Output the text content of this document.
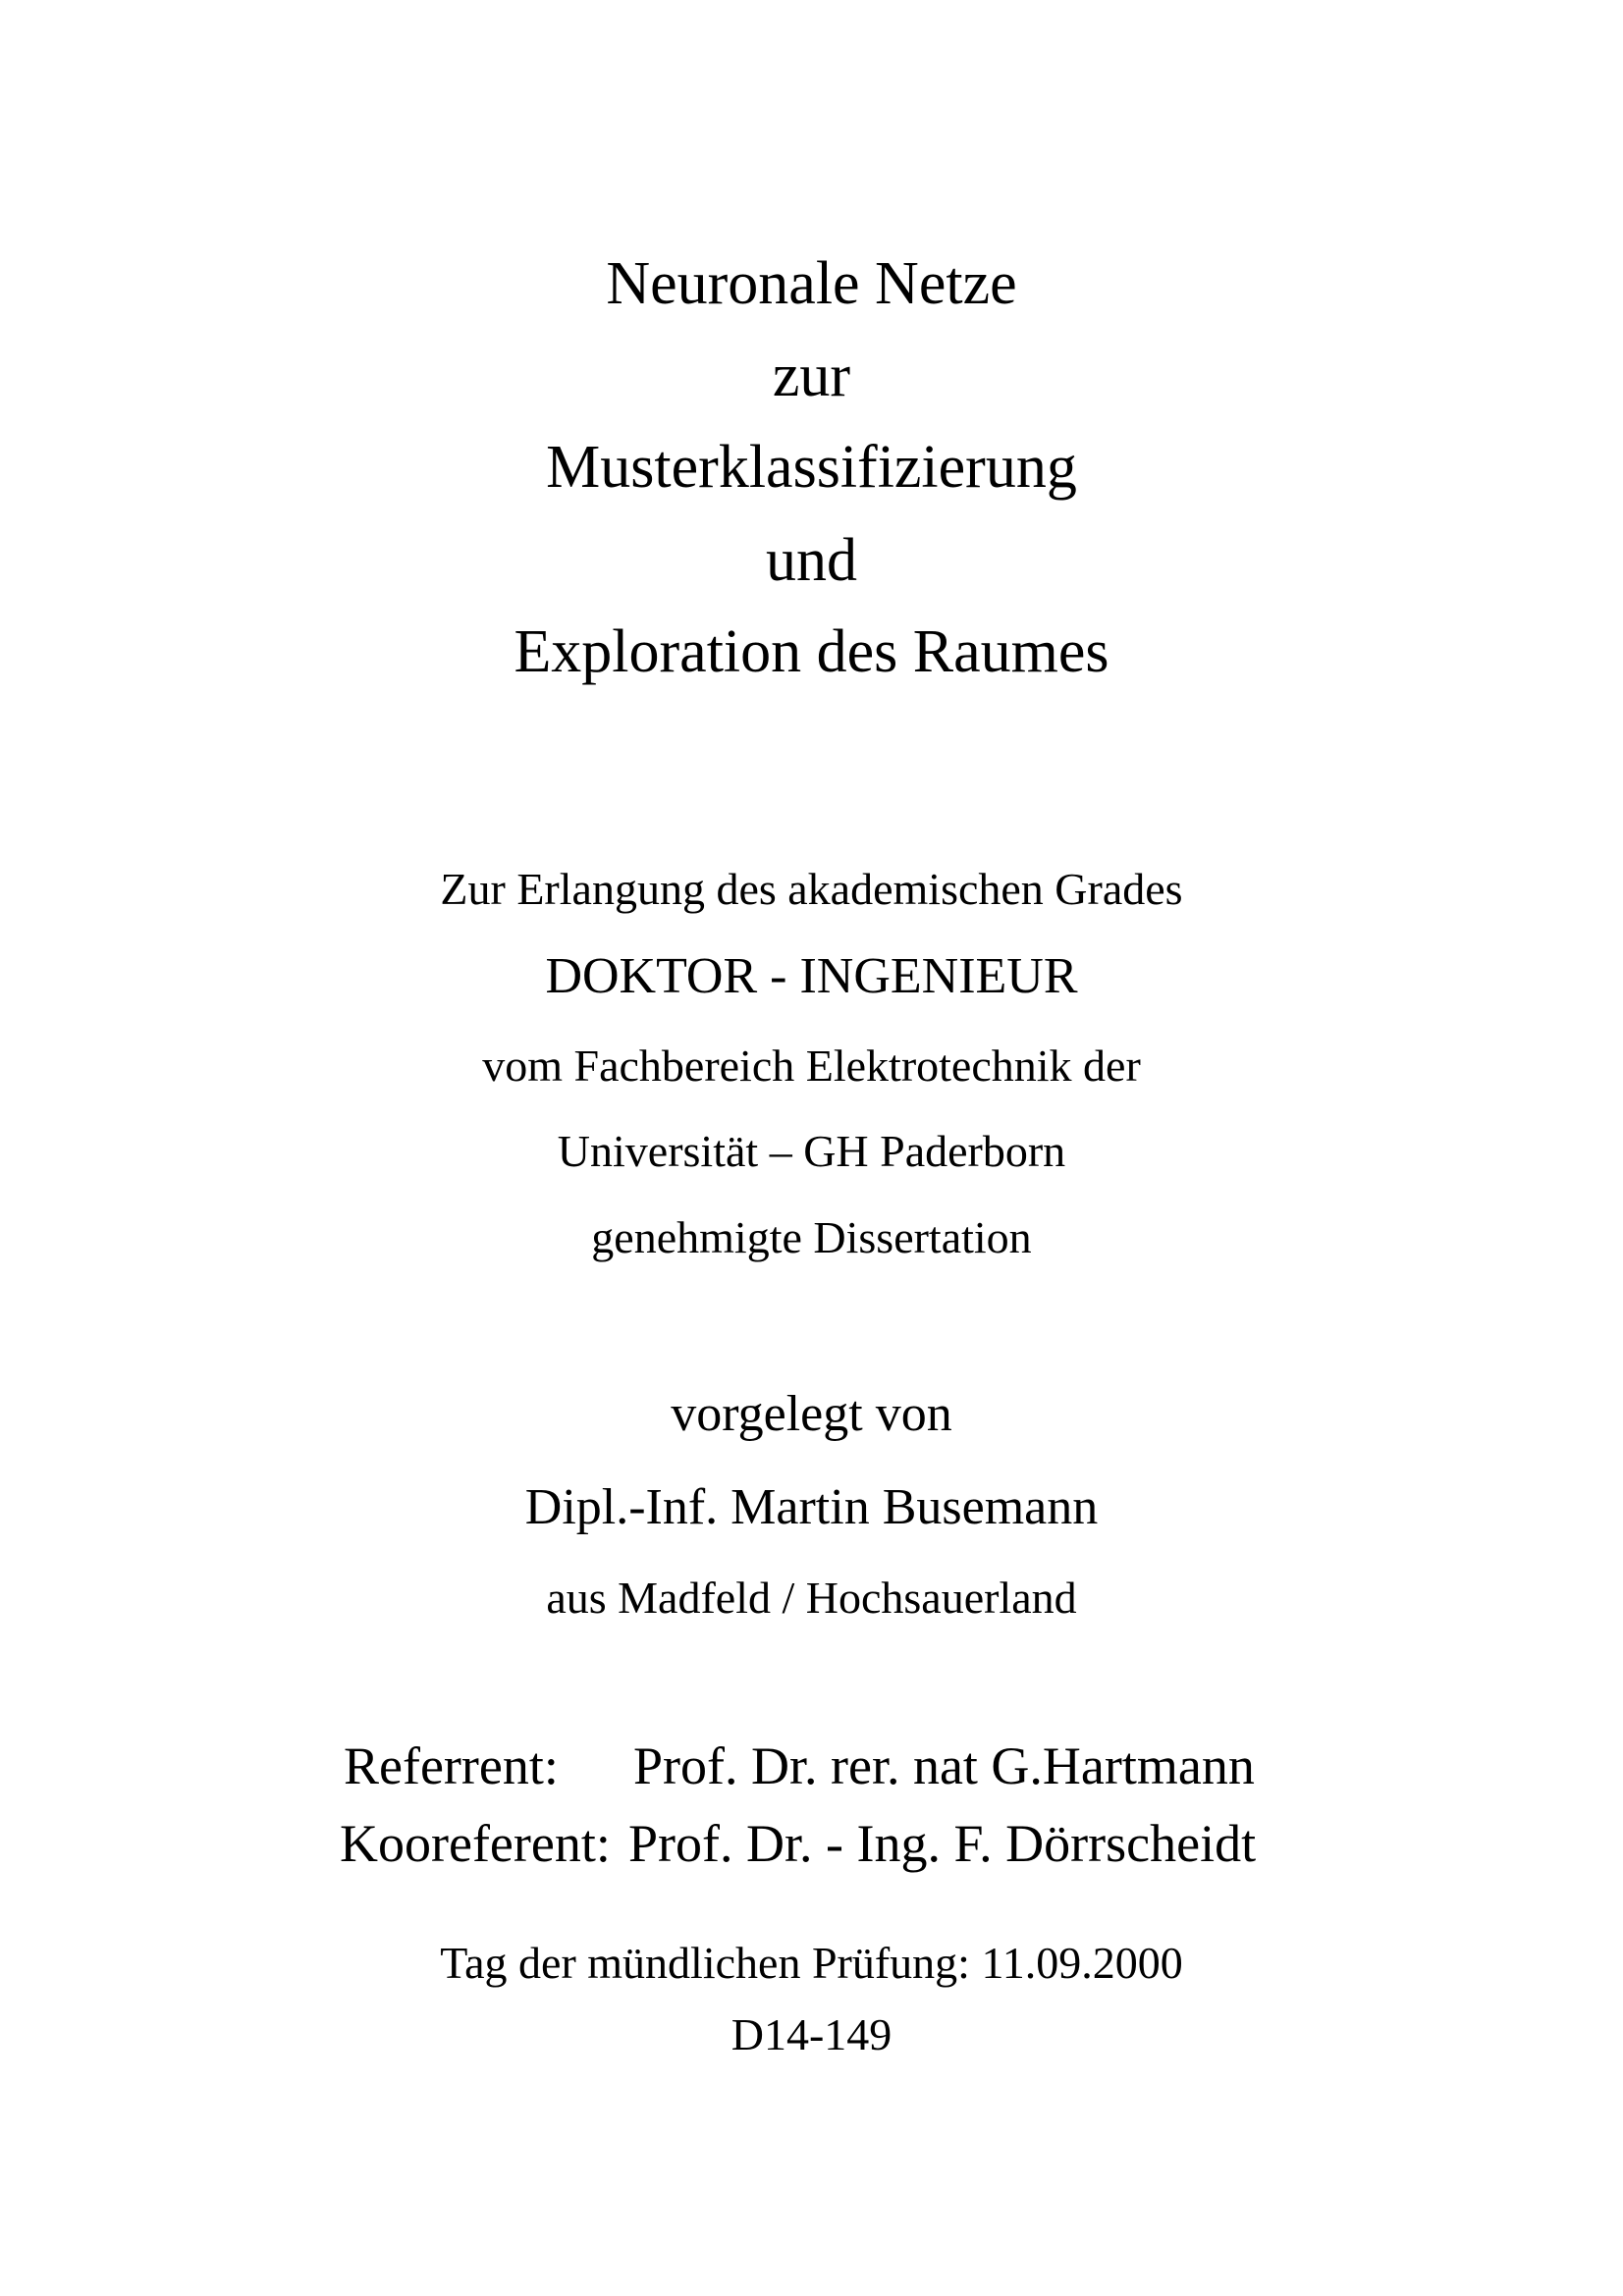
Neuronale Netze
zur
Musterklassifizierung
und
Exploration des Raumes
Zur Erlangung des akademischen Grades
DOKTOR - INGENIEUR
vom Fachbereich Elektrotechnik der
Universität – GH Paderborn
genehmigte Dissertation
vorgelegt von
Dipl.-Inf. Martin Busemann
aus Madfeld / Hochsauerland
Referrent: Prof. Dr. rer. nat G.Hartmann
Kooreferent: Prof. Dr. - Ing. F. Dörrscheidt
Tag der mündlichen Prüfung: 11.09.2000
D14-149
